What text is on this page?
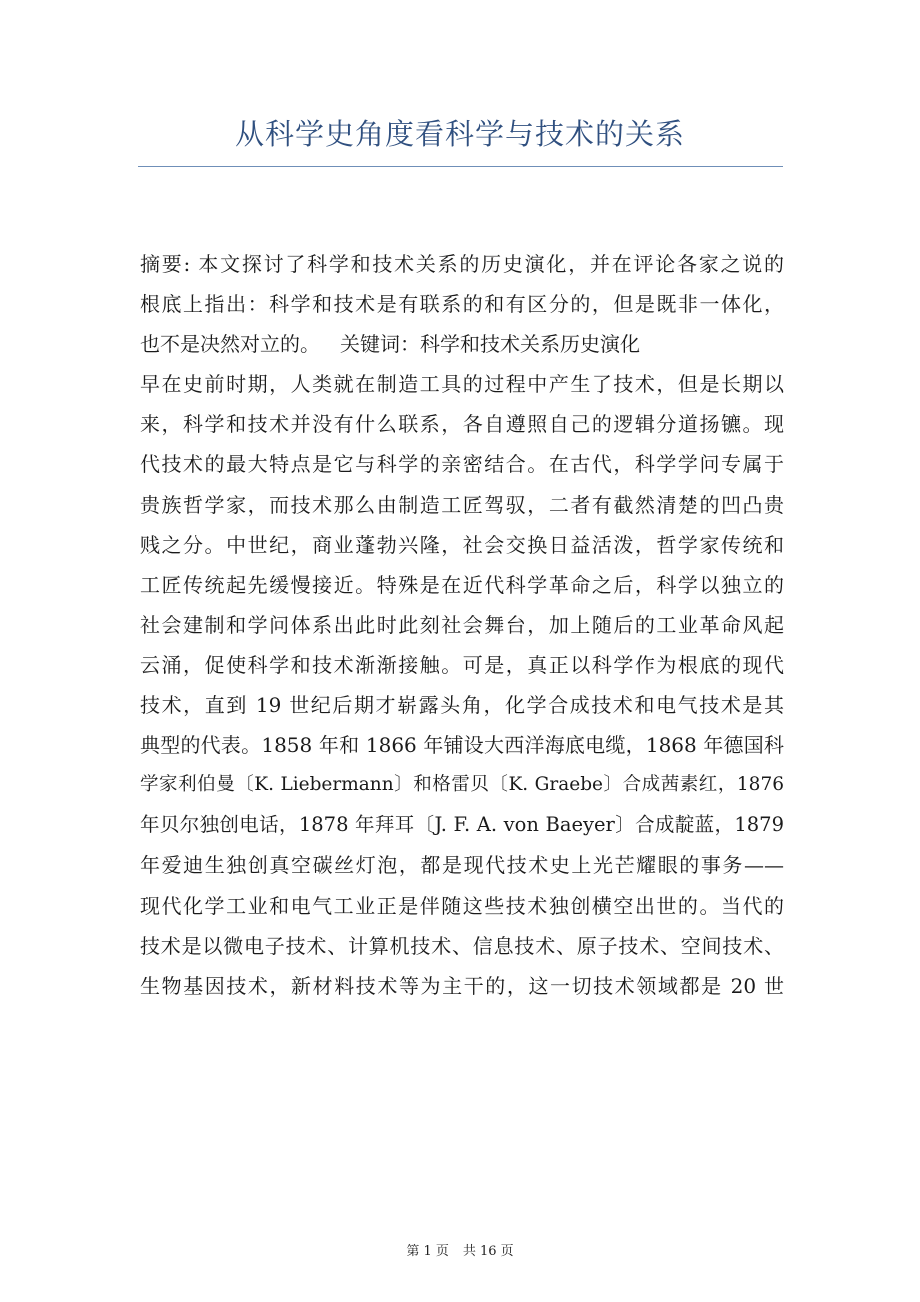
从科学史角度看科学与技术的关系
摘要: 本文探讨了科学和技术关系的历史演化，并在评论各家之说的
根底上指出：科学和技术是有联系的和有区分的，但是既非一体化，
也不是决然对立的。 关键词：科学和技术关系历史演化
早在史前时期，人类就在制造工具的过程中产生了技术，但是长期以
来，科学和技术并没有什么联系，各自遵照自己的逻辑分道扬镳。现
代技术的最大特点是它与科学的亲密结合。在古代，科学学问专属于
贵族哲学家，而技术那么由制造工匠驾驭，二者有截然清楚的凹凸贵
贱之分。中世纪，商业蓬勃兴隆，社会交换日益活泼，哲学家传统和
工匠传统起先缓慢接近。特殊是在近代科学革命之后，科学以独立的
社会建制和学问体系出此时此刻社会舞台，加上随后的工业革命风起
云涌，促使科学和技术渐渐接触。可是，真正以科学作为根底的现代
技术，直到 19 世纪后期才崭露头角，化学合成技术和电气技术是其
典型的代表。1858 年和 1866 年铺设大西洋海底电缆，1868 年德国科
学家利伯曼〔K. Liebermann〕和格雷贝〔K. Graebe〕合成茜素红，1876
年贝尔独创电话，1878 年拜耳〔J. F. A. von Baeyer〕合成靛蓝，1879
年爱迪生独创真空碳丝灯泡，都是现代技术史上光芒耀眼的事务——
现代化学工业和电气工业正是伴随这些技术独创横空出世的。当代的
技术是以微电子技术、计算机技术、信息技术、原子技术、空间技术、
生物基因技术，新材料技术等为主干的，这一切技术领域都是 20 世
第 1 页 共 16 页
